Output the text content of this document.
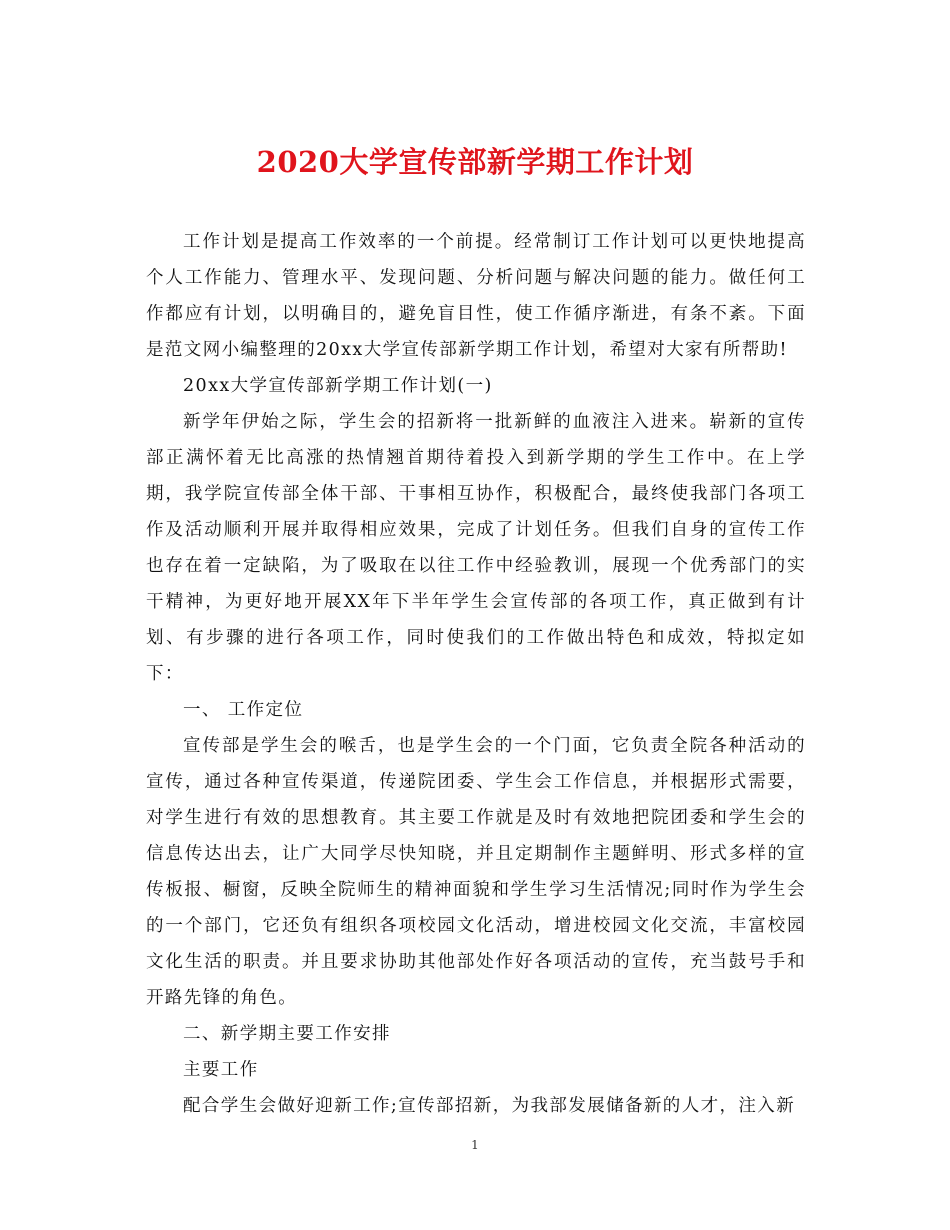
2020大学宣传部新学期工作计划

工作计划是提高工作效率的一个前提。经常制订工作计划可以更快地提高个人工作能力、管理水平、发现问题、分析问题与解决问题的能力。做任何工作都应有计划，以明确目的，避免盲目性，使工作循序渐进，有条不紊。下面是范文网小编整理的20xx大学宣传部新学期工作计划，希望对大家有所帮助!

20xx大学宣传部新学期工作计划(一)

新学年伊始之际，学生会的招新将一批新鲜的血液注入进来。崭新的宣传部正满怀着无比高涨的热情翘首期待着投入到新学期的学生工作中。在上学期，我学院宣传部全体干部、干事相互协作，积极配合，最终使我部门各项工作及活动顺利开展并取得相应效果，完成了计划任务。但我们自身的宣传工作也存在着一定缺陷，为了吸取在以往工作中经验教训，展现一个优秀部门的实干精神，为更好地开展XX年下半年学生会宣传部的各项工作，真正做到有计划、有步骤的进行各项工作，同时使我们的工作做出特色和成效，特拟定如下：

一、 工作定位

宣传部是学生会的喉舌，也是学生会的一个门面，它负责全院各种活动的宣传，通过各种宣传渠道，传递院团委、学生会工作信息，并根据形式需要，对学生进行有效的思想教育。其主要工作就是及时有效地把院团委和学生会的信息传达出去，让广大同学尽快知晓，并且定期制作主题鲜明、形式多样的宣传板报、橱窗，反映全院师生的精神面貌和学生学习生活情况;同时作为学生会的一个部门，它还负有组织各项校园文化活动，增进校园文化交流，丰富校园文化生活的职责。并且要求协助其他部处作好各项活动的宣传，充当鼓号手和开路先锋的角色。

二、新学期主要工作安排

主要工作

配合学生会做好迎新工作;宣传部招新，为我部发展储备新的人才，注入新

1
